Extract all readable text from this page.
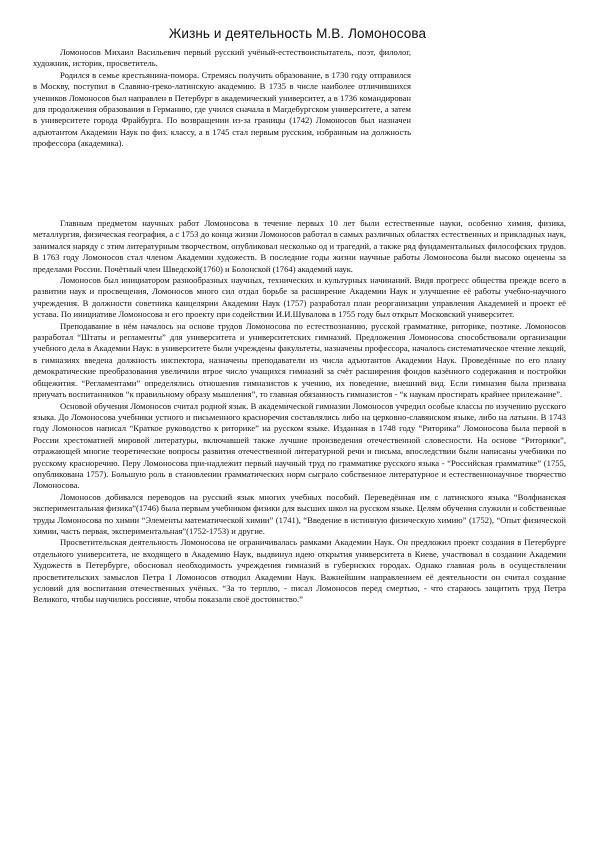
Жизнь и деятельность М.В. Ломоносова

Ломоносов Михаил Васильевич первый русский учёный-естествоиспытатель, поэт, филолог, художник, историк, просветитель.

Родился в семье крестьянина-помора. Стремясь получить образование, в 1730 году отправился в Москву, поступил в Славяно-греко-латинскую академию. В 1735 в числе наиболее отличившихся учеников Ломоносов был направлен в Петербург в академический университет, а в 1736 командирован для продолжения образования в Германию, где учился сначала в Магдебургском университете, а затем в университете города Фрайбурга. По возвращении из-за границы (1742) Ломоносов был назначен адъютантом Академии Наук по физ. классу, а в 1745 стал первым русским, избранным на должность профессора (академика).

Главным предметом научных работ Ломоносова в течение первых 10 лет были естественные науки, особенно химия, физика, металлургия, физическая география, а с 1753 до конца жизни Ломоносов работал в самых различных областях естественных и прикладных наук, занимался наряду с этим литературным творчеством, опубликовал несколько од и трагедий, а также ряд фундаментальных философских трудов. В 1763 году Ломоносов стал членом Академии художеств. В последние годы жизни научные работы Ломоносова были высоко оценены за пределами России. Почётный член Шведской(1760) и Болонской (1764) академий наук.

Ломоносов был инициатором разнообразных научных, технических и культурных начинаний. Видя прогресс общества прежде всего в развитии наук и просвещения, Ломоносов много сил отдал борьбе за расширение Академии Наук и улучшение её работы учебно-научного учреждения. В должности советника канцелярии Академии Наук (1757) разработал план реорганизации управления Академией и проект её устава. По инициативе Ломоносова и его проекту при содействии И.И.Шувалова в 1755 году был открыт Московский университет.

Преподавание в нём началось на основе трудов Ломоносова по естествознанию, русской грамматике, риторике, поэтике. Ломоносов разработал “Штаты и регламенты” для университета и университетских гимназий. Предложения Ломоносова способствовали организации учебного дела в Академии Наук: в университете были учреждены факультеты, назначены профессора, началось систематическое чтение лекций, в гимназиях введена должность инспектора, назначены преподаватели из числа адъютантов Академии Наук. Проведённые по его плану демократические преобразования увеличили втрое число учащихся гимназий за счёт расширения фондов казённого содержания и постройки общежития. “Регламентами” определялись отношения гимназистов к учению, их поведение, внешний вид. Если гимназия была призвана приучать воспитанников “к правильному образу мышления”, то главная обязанность гимназистов - “к наукам простирать крайнее прилежание”.

Основой обучения Ломоносов считал родной язык. В академической гимназии Ломоносов учредил особые классы по изучению русского языка. До Ломоносова учебники устного и письменного красноречия составлялись либо на церковно-славянском языке, либо на латыни. В 1743 году Ломоносов написал “Краткое руководство к риторике” на русском языке. Изданная в 1748 году “Риторика” Ломоносова была первой в России хрестоматией мировой литературы, включавшей также лучшие произведения отечественной словесности. На основе “Риторики”, отражающей многие теоретические вопросы развития отечественной литературной речи и письма, впоследствии были написаны учебники по русскому красноречию. Перу Ломоносова при-надлежит первый научный труд по грамматике русского языка - “Российская грамматике” (1755, опубликована 1757). Большую роль в становлении грамматических норм сыграло собственное литературное и естественнонаучное творчество Ломоносова.

Ломоносов добивался переводов на русский язык многих учебных пособий. Переведённая им с латинского языка “Волфианская экспериментальная физика”(1746) была первым учебником физики для высших школ на русском языке. Целям обучения служили и собственные труды Ломоносова по химии “Элементы математической химии” (1741), “Введение в истинную физическую химию” (1752), “Опыт физической химии, часть первая, экспериментальная”(1752-1753) и другие.

Просветительская деятельность Ломоносова не ограничивалась рамками Академии Наук. Он предложил проект создания в Петербурге отдельного университета, не входящего в Академию Наук, выдвинул идею открытия университета в Киеве, участвовал в создании Академии Художеств в Петербурге, обосновал необходимость учреждения гимназий в губернских городах. Однако главная роль в осуществлении просветительских замыслов Петра I Ломоносов отводил Академии Наук. Важнейшим направлением её деятельности он считал создание условий для воспитания отечественных учёных. “За то терплю, - писал Ломоносов перед смертью, - что стараюсь защитить труд Петра Великого, чтобы научились россияне, чтобы показали своё достоинство.”
